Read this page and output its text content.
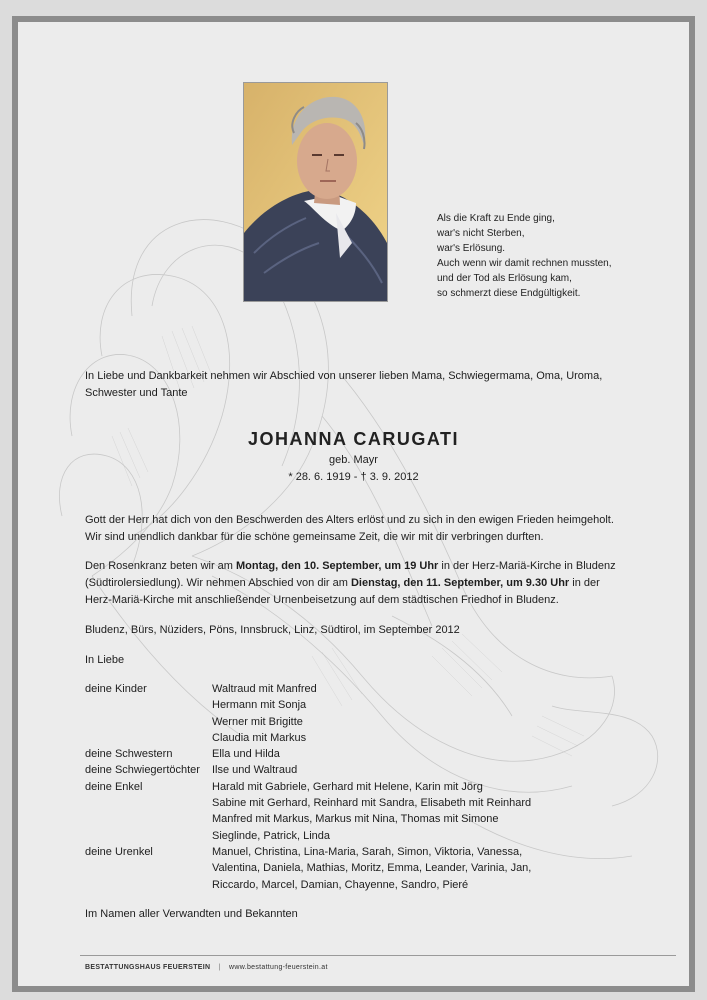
Als die Kraft zu Ende ging,
war's nicht Sterben,
war's Erlösung.
Auch wenn wir damit rechnen mussten,
und der Tod als Erlösung kam,
so schmerzt diese Endgültigkeit.
In Liebe und Dankbarkeit nehmen wir Abschied von unserer lieben Mama, Schwiegermama, Oma, Uroma, Schwester und Tante
JOHANNA CARUGATI
geb. Mayr
* 28. 6. 1919 - † 3. 9. 2012
Gott der Herr hat dich von den Beschwerden des Alters erlöst und zu sich in den ewigen Frieden heimgeholt. Wir sind unendlich dankbar für die schöne gemeinsame Zeit, die wir mit dir verbringen durften.
Den Rosenkranz beten wir am Montag, den 10. September, um 19 Uhr in der Herz-Mariä-Kirche in Bludenz (Südtirolersiedlung). Wir nehmen Abschied von dir am Dienstag, den 11. September, um 9.30 Uhr in der Herz-Mariä-Kirche mit anschließender Urnenbeisetzung auf dem städtischen Friedhof in Bludenz.
Bludenz, Bürs, Nüziders, Pöns, Innsbruck, Linz, Südtirol, im September 2012
In Liebe
deine Kinder	Waltraud mit Manfred
Hermann mit Sonja
Werner mit Brigitte
Claudia mit Markus
deine Schwestern	Ella und Hilda
deine Schwiegertöchter	Ilse und Waltraud
deine Enkel	Harald mit Gabriele, Gerhard mit Helene, Karin mit Jörg
Sabine mit Gerhard, Reinhard mit Sandra, Elisabeth mit Reinhard
Manfred mit Markus, Markus mit Nina, Thomas mit Simone
Sieglinde, Patrick, Linda
deine Urenkel	Manuel, Christina, Lina-Maria, Sarah, Simon, Viktoria, Vanessa,
Valentina, Daniela, Mathias, Moritz, Emma, Leander, Varinia, Jan,
Riccardo, Marcel, Damian, Chayenne, Sandro, Pieré
Im Namen aller Verwandten und Bekannten
BESTATTUNGSHAUS FEUERSTEIN | www.bestattung-feuerstein.at
